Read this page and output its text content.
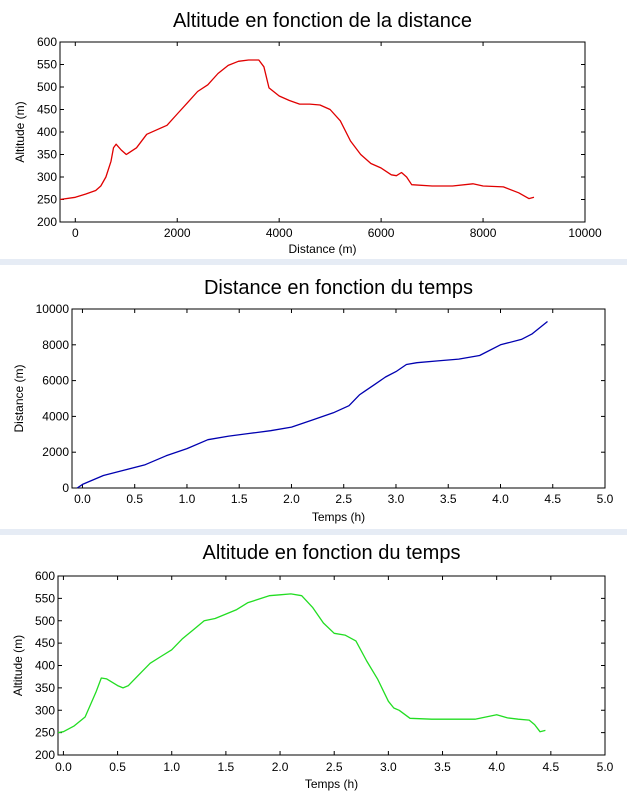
Altitude en fonction de la distance
0	2000	4000	6000	8000	10000
200
250
300
350
400
450
500
550
600
Distance (m)
Altitude (m)
Distance en fonction du temps
0.0	0.5	1.0	1.5	2.0	2.5	3.0	3.5	4.0	4.5	5.0
0
2000
4000
6000
8000
10000
Temps (h)
Distance (m)
Altitude en fonction du temps
0.0	0.5	1.0	1.5	2.0	2.5	3.0	3.5	4.0	4.5	5.0
200
250
300
350
400
450
500
550
600
Temps (h)
Altitude (m)
